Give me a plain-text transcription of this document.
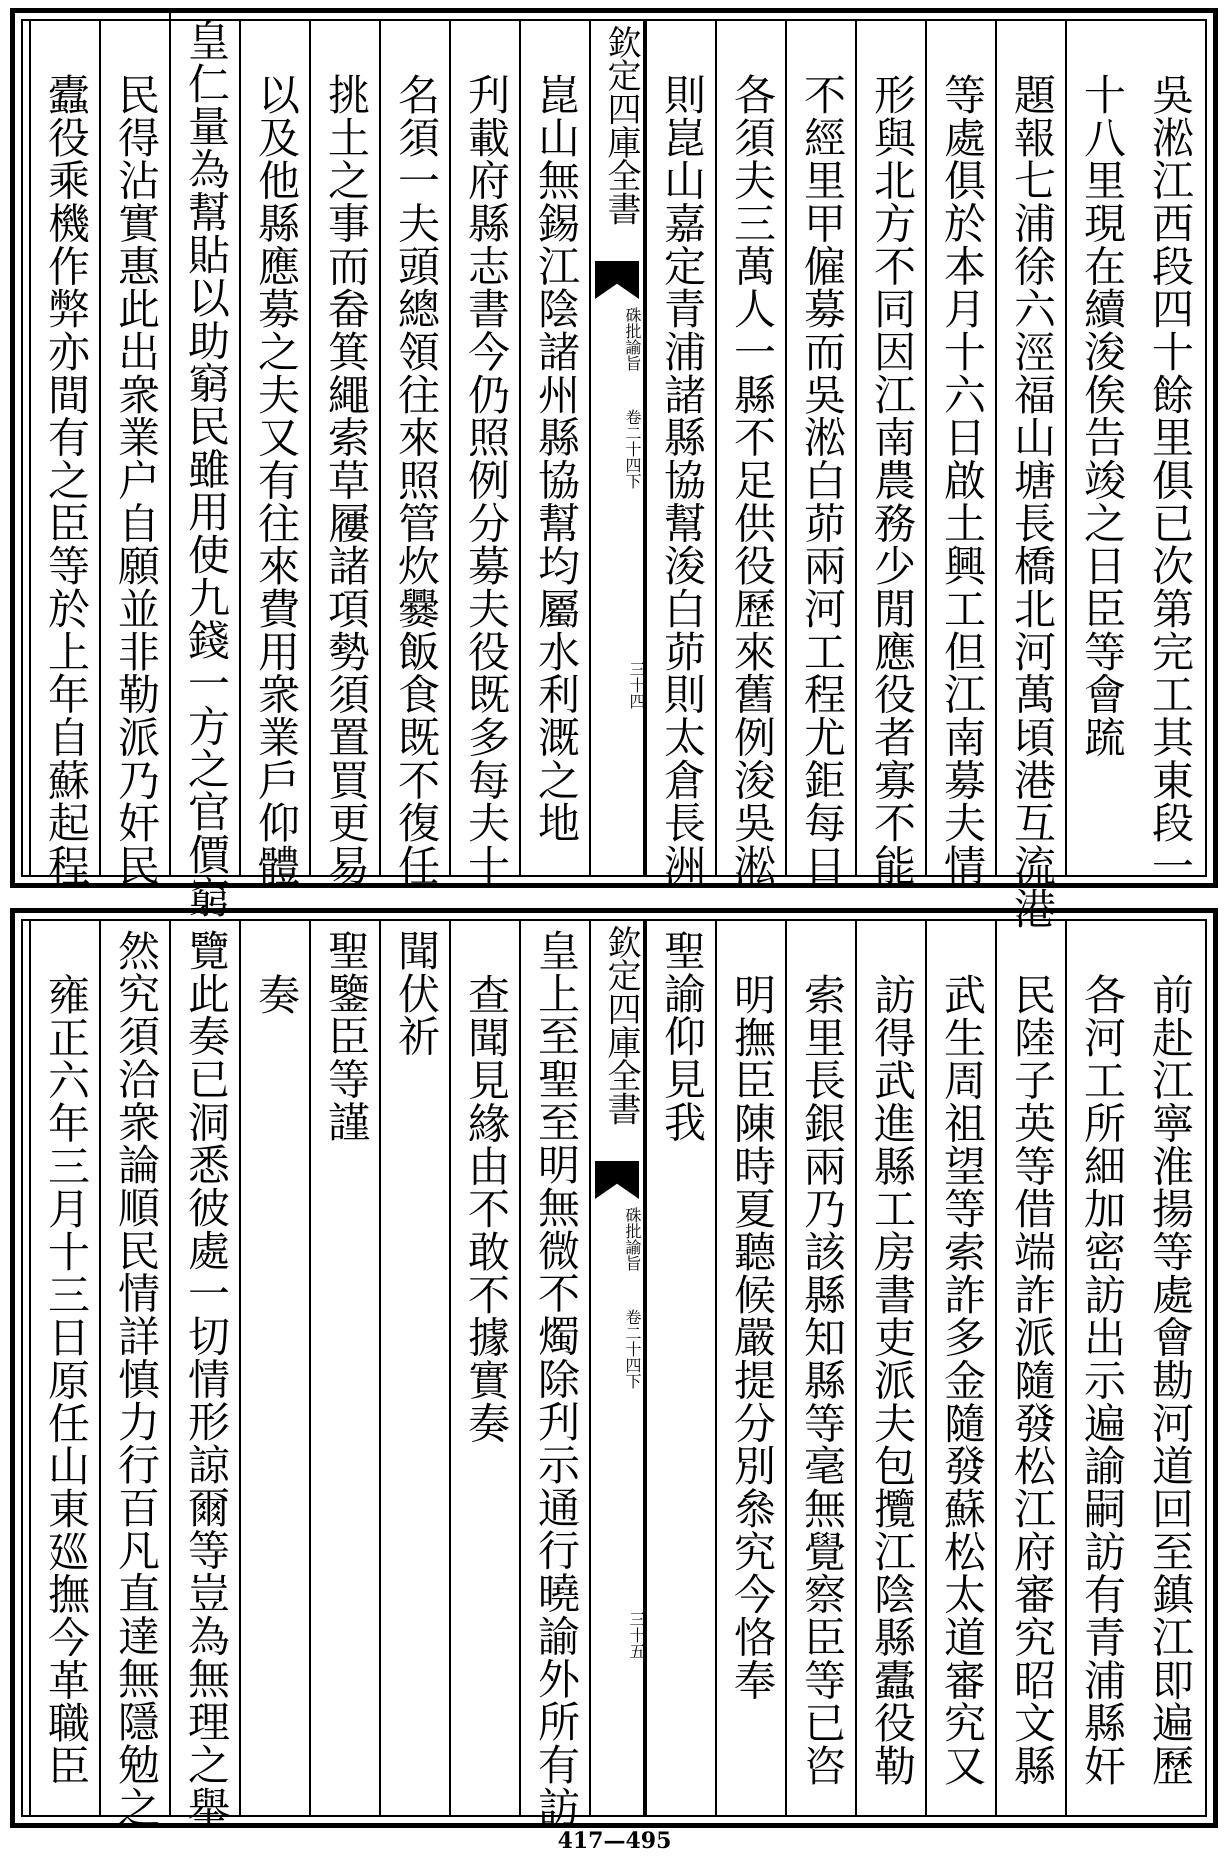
吳淞江西段四十餘里俱已次第完工其東段一
十八里現在續浚俟告竣之日臣等會䟽
題報七浦徐六涇福山塘長橋北河萬頃港互流港
等處俱於本月十六日啟土興工但江南募夫情
形與北方不同因江南農務少閒應役者寡不能
不經里甲僱募而吳淞白茆兩河工程尤鉅每日
各須夫三萬人一縣不足供役歷來舊例浚吳淞
則崑山嘉定青浦諸縣協幫浚白茆則太倉長洲
欽定四庫全書
硃批諭旨
卷二十四下
三十四
崑山無錫江陰諸州縣協幫均屬水利溉之地
刋載府縣志書今仍照例分募夫役既多每夫十
名須一夫頭總領往來照管炊爨飯食既不復任
挑土之事而畚箕繩索草屨諸項勢須置買更易
以及他縣應募之夫又有往來費用衆業戶仰體
皇仁量為幫貼以助窮民雖用使九錢一方之官價窮
民得沾實惠此出衆業户自願並非勒派乃奸民
蠹役乘機作弊亦間有之臣等於上年自蘇起程
前赴江寧淮揚等處會勘河道回至鎮江即遍歷
各河工所細加密訪出示遍諭嗣訪有青浦縣奸
民陸子英等借端詐派隨發松江府審究昭文縣
武生周祖望等索詐多金隨發蘇松太道審究又
訪得武進縣工房書吏派夫包攬江陰縣蠹役勒
索里長銀兩乃該縣知縣等毫無覺察臣等已咨
明撫臣陳時夏聽候嚴提分別叅究今恪奉
聖諭仰見我
欽定四庫全書
硃批諭旨
卷二十四下
三十五
皇上至聖至明無微不燭除刋示通行曉諭外所有訪
查聞見緣由不敢不據實奏
聞伏祈
聖鑒臣等謹
奏
覽此奏已洞悉彼處一切情形諒爾等豈為無理之舉
然究須洽衆論順民情詳慎力行百凡直達無隱勉之
雍正六年三月十三日原任山東廵撫今革職臣
417—495
